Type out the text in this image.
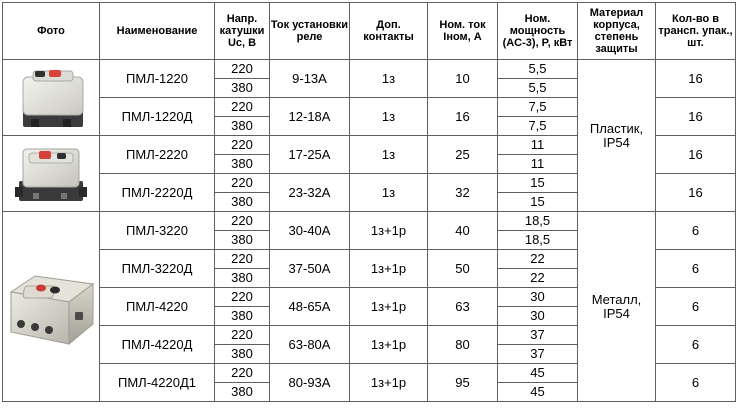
Фото	Наименование	Напр. катушки Uc, В	Ток установки реле	Доп. контакты	Ном. ток Iном, А	Ном. мощность (AC-3), P, кВт	Материал корпуса, степень защиты	Кол-во в трансп. упак., шт.

	ПМЛ-1220	220	9-13А	1з	10	5,5	Пластик, IP54	16
		380				5,5		
	ПМЛ-1220Д	220	12-18А	1з	16	7,5		16
		380				7,5		

	ПМЛ-2220	220	17-25А	1з	25	11		16
		380				11		
	ПМЛ-2220Д	220	23-32А	1з	32	15		16
		380				15		

	ПМЛ-3220	220	30-40А	1з+1р	40	18,5	Металл, IP54	6
		380				18,5		
	ПМЛ-3220Д	220	37-50А	1з+1р	50	22		6
		380				22		
	ПМЛ-4220	220	48-65А	1з+1р	63	30		6
		380				30		
	ПМЛ-4220Д	220	63-80А	1з+1р	80	37		6
		380				37		
	ПМЛ-4220Д1	220	80-93А	1з+1р	95	45		6
		380				45		
